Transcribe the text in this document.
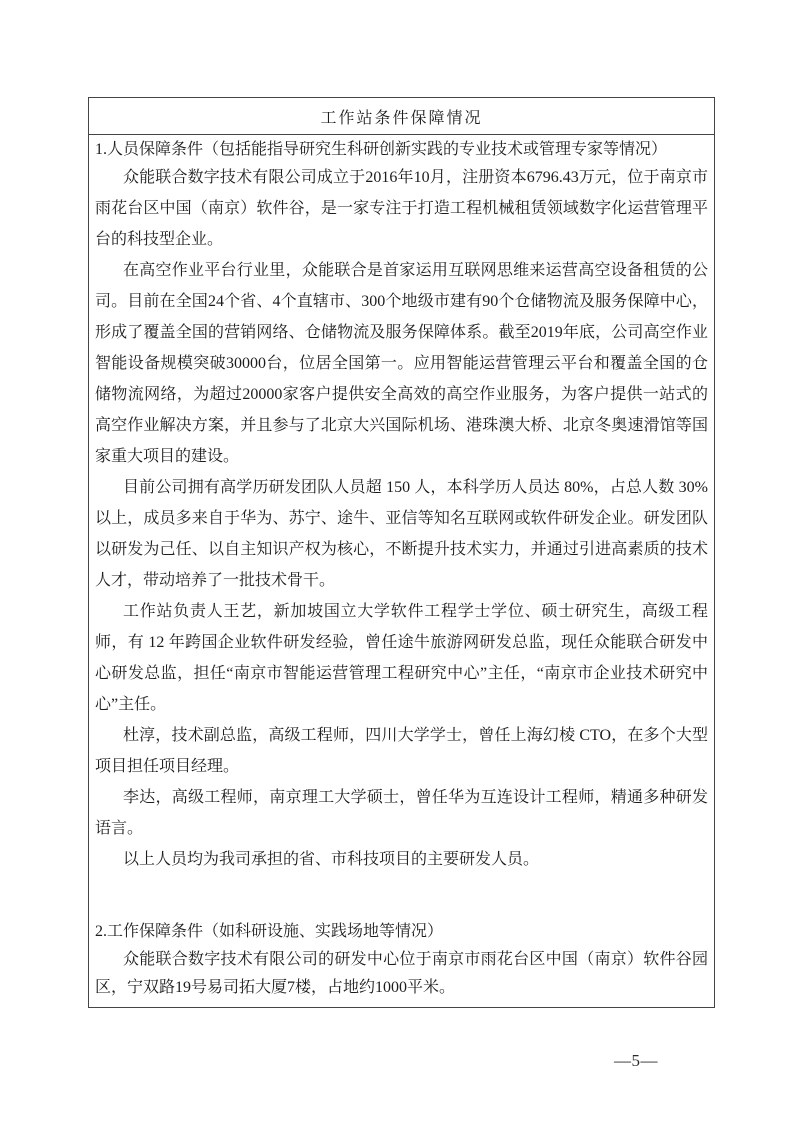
工作站条件保障情况
1.人员保障条件（包括能指导研究生科研创新实践的专业技术或管理专家等情况）

众能联合数字技术有限公司成立于2016年10月，注册资本6796.43万元，位于南京市雨花台区中国（南京）软件谷，是一家专注于打造工程机械租赁领域数字化运营管理平台的科技型企业。

在高空作业平台行业里，众能联合是首家运用互联网思维来运营高空设备租赁的公司。目前在全国24个省、4个直辖市、300个地级市建有90个仓储物流及服务保障中心，形成了覆盖全国的营销网络、仓储物流及服务保障体系。截至2019年底，公司高空作业智能设备规模突破30000台，位居全国第一。应用智能运营管理云平台和覆盖全国的仓储物流网络，为超过20000家客户提供安全高效的高空作业服务，为客户提供一站式的高空作业解决方案，并且参与了北京大兴国际机场、港珠澳大桥、北京冬奥速滑馆等国家重大项目的建设。

目前公司拥有高学历研发团队人员超 150 人，本科学历人员达 80%，占总人数 30%以上，成员多来自于华为、苏宁、途牛、亚信等知名互联网或软件研发企业。研发团队以研发为己任、以自主知识产权为核心，不断提升技术实力，并通过引进高素质的技术人才，带动培养了一批技术骨干。

工作站负责人王艺，新加坡国立大学软件工程学士学位、硕士研究生，高级工程师，有 12 年跨国企业软件研发经验，曾任途牛旅游网研发总监，现任众能联合研发中心研发总监，担任“南京市智能运营管理工程研究中心”主任，“南京市企业技术研究中心”主任。

杜淳，技术副总监，高级工程师，四川大学学士，曾任上海幻棱 CTO，在多个大型项目担任项目经理。

李达，高级工程师，南京理工大学硕士，曾任华为互连设计工程师，精通多种研发语言。

以上人员均为我司承担的省、市科技项目的主要研发人员。

2.工作保障条件（如科研设施、实践场地等情况）

众能联合数字技术有限公司的研发中心位于南京市雨花台区中国（南京）软件谷园区，宁双路19号易司拓大厦7楼，占地约1000平米。

—5—
